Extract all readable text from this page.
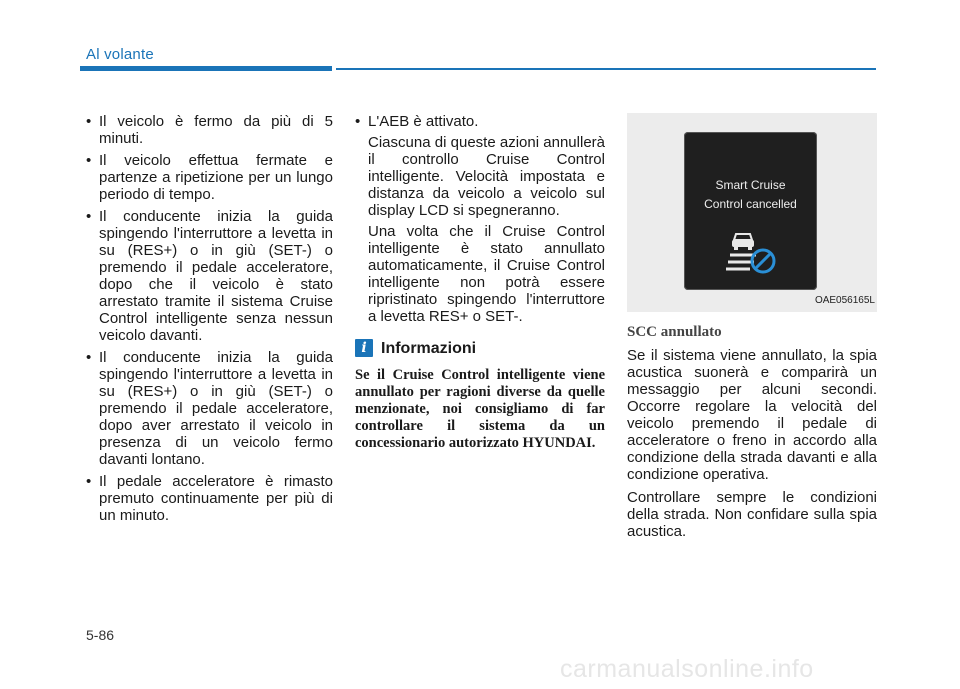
Al volante
• Il veicolo è fermo da più di 5 minuti.
• Il veicolo effettua fermate e partenze a ripetizione per un lungo periodo di tempo.
• Il conducente inizia la guida spingendo l'interruttore a levetta in su (RES+) o in giù (SET-) o premendo il pedale acceleratore, dopo che il veicolo è stato arrestato tramite il sistema Cruise Control intelligente senza nessun veicolo davanti.
• Il conducente inizia la guida spingendo l'interruttore a levetta in su (RES+) o in giù (SET-) o premendo il pedale acceleratore, dopo aver arrestato il veicolo in presenza di un veicolo fermo davanti lontano.
• Il pedale acceleratore è rimasto premuto continuamente per più di un minuto.
• L'AEB è attivato.

Ciascuna di queste azioni annullerà il controllo Cruise Control intelligente. Velocità impostata e distanza da veicolo a veicolo sul display LCD si spegneranno.

Una volta che il Cruise Control intelligente è stato annullato automaticamente, il Cruise Control intelligente non potrà essere ripristinato spingendo l'interruttore a levetta RES+ o SET-.

i Informazioni
Se il Cruise Control intelligente viene annullato per ragioni diverse da quelle menzionate, noi consigliamo di far controllare il sistema da un concessionario autorizzato HYUNDAI.
Smart Cruise
Control cancelled
OAE056165L
SCC annullato

Se il sistema viene annullato, la spia acustica suonerà e comparirà un messaggio per alcuni secondi. Occorre regolare la velocità del veicolo premendo il pedale di acceleratore o freno in accordo alla condizione della strada davanti e alla condizione operativa.

Controllare sempre le condizioni della strada. Non confidare sulla spia acustica.

5-86
carmanualsonline.info
